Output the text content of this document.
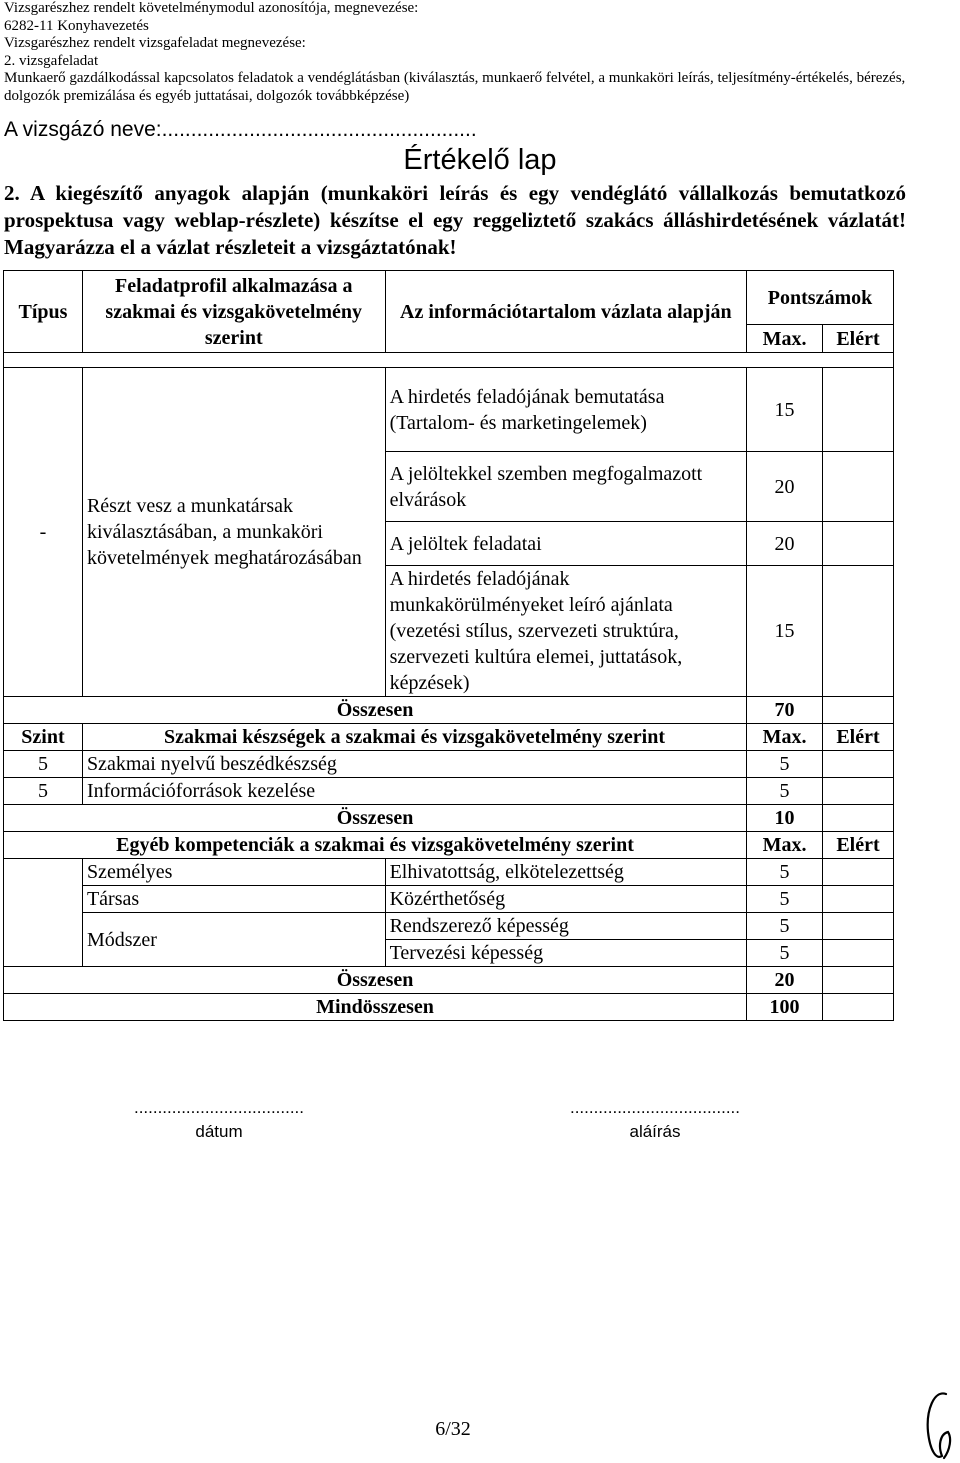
Vizsgarészhez rendelt követelménymodul azonosítója, megnevezése:
6282-11 Konyhavezetés
Vizsgarészhez rendelt vizsgafeladat megnevezése:
2. vizsgafeladat
Munkaerő gazdálkodással kapcsolatos feladatok a vendéglátásban (kiválasztás, munkaerő felvétel, a munkaköri leírás, teljesítmény-értékelés, bérezés,
dolgozók premizálása és egyéb juttatásai, dolgozók továbbképzése)
A vizsgázó neve:......................................................
Értékelő lap
2. A kiegészítő anyagok alapján (munkaköri leírás és egy vendéglátó vállalkozás bemutatkozó prospektusa vagy weblap-részlete) készítse el egy reggeliztető szakács álláshirdetésének vázlatát! Magyarázza el a vázlat részleteit a vizsgáztatónak!
Típus	Feladatprofil alkalmazása a szakmai és vizsgakövetelmény szerint	Az információtartalom vázlata alapján	Pontszámok	
			Max.	Elért

-	Részt vesz a munkatársak kiválasztásában, a munkaköri követelmények meghatározásában	A hirdetés feladójának bemutatása (Tartalom- és marketingelemek)	15	
		A jelöltekkel szemben megfogalmazott elvárások	20	
		A jelöltek feladatai	20	
		A hirdetés feladójának munkakörülményeket leíró ajánlata (vezetési stílus, szervezeti struktúra, szervezeti kultúra elemei, juttatások, képzések)	15	
Összesen			70	
Szint	Szakmai készségek a szakmai és vizsgakövetelmény szerint		Max.	Elért
5	Szakmai nyelvű beszédkészség		5	
5	Információforrások kezelése		5	
Összesen			10	
Egyéb kompetenciák a szakmai és vizsgakövetelmény szerint			Max.	Elért
	Személyes	Elhivatottság, elkötelezettség	5	
	Társas	Közérthetőség	5	
	Módszer	Rendszerező képesség	5	
		Tervezési képesség	5	
Összesen			20	
Mindösszesen			100	
....................................
dátum
....................................
aláírás
6/32
